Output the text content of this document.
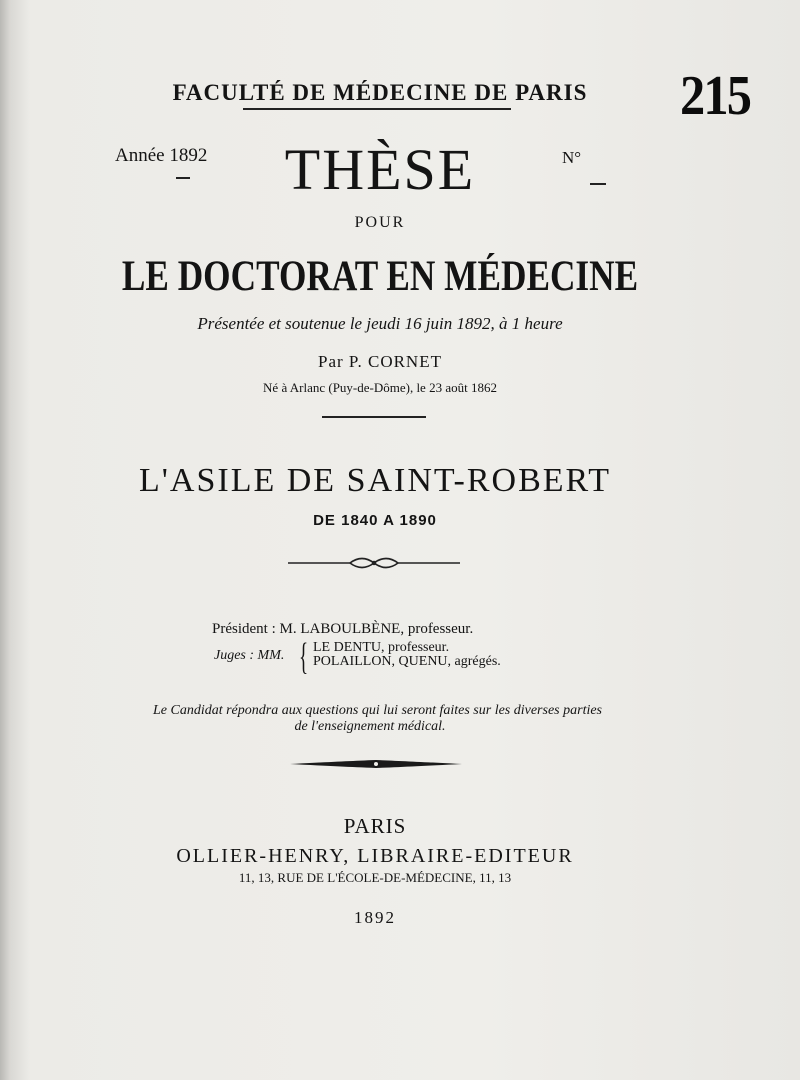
FACULTÉ DE MÉDECINE DE PARIS	215
Année 1892	THÈSE	N°
POUR
LE DOCTORAT EN MÉDECINE
Présentée et soutenue le jeudi 16 juin 1892, à 1 heure
Par P. CORNET
Né à Arlanc (Puy-de-Dôme), le 23 août 1862
L'ASILE DE SAINT-ROBERT
DE 1840 A 1890
Président : M. LABOULBÈNE, professeur.
Juges : MM. { LE DENTU, professeur.
POLAILLON, QUENU, agrégés.
Le Candidat répondra aux questions qui lui seront faites sur les diverses parties
de l'enseignement médical.
PARIS
OLLIER-HENRY, LIBRAIRE-EDITEUR
11, 13, RUE DE L'ÉCOLE-DE-MÉDECINE, 11, 13
1892
